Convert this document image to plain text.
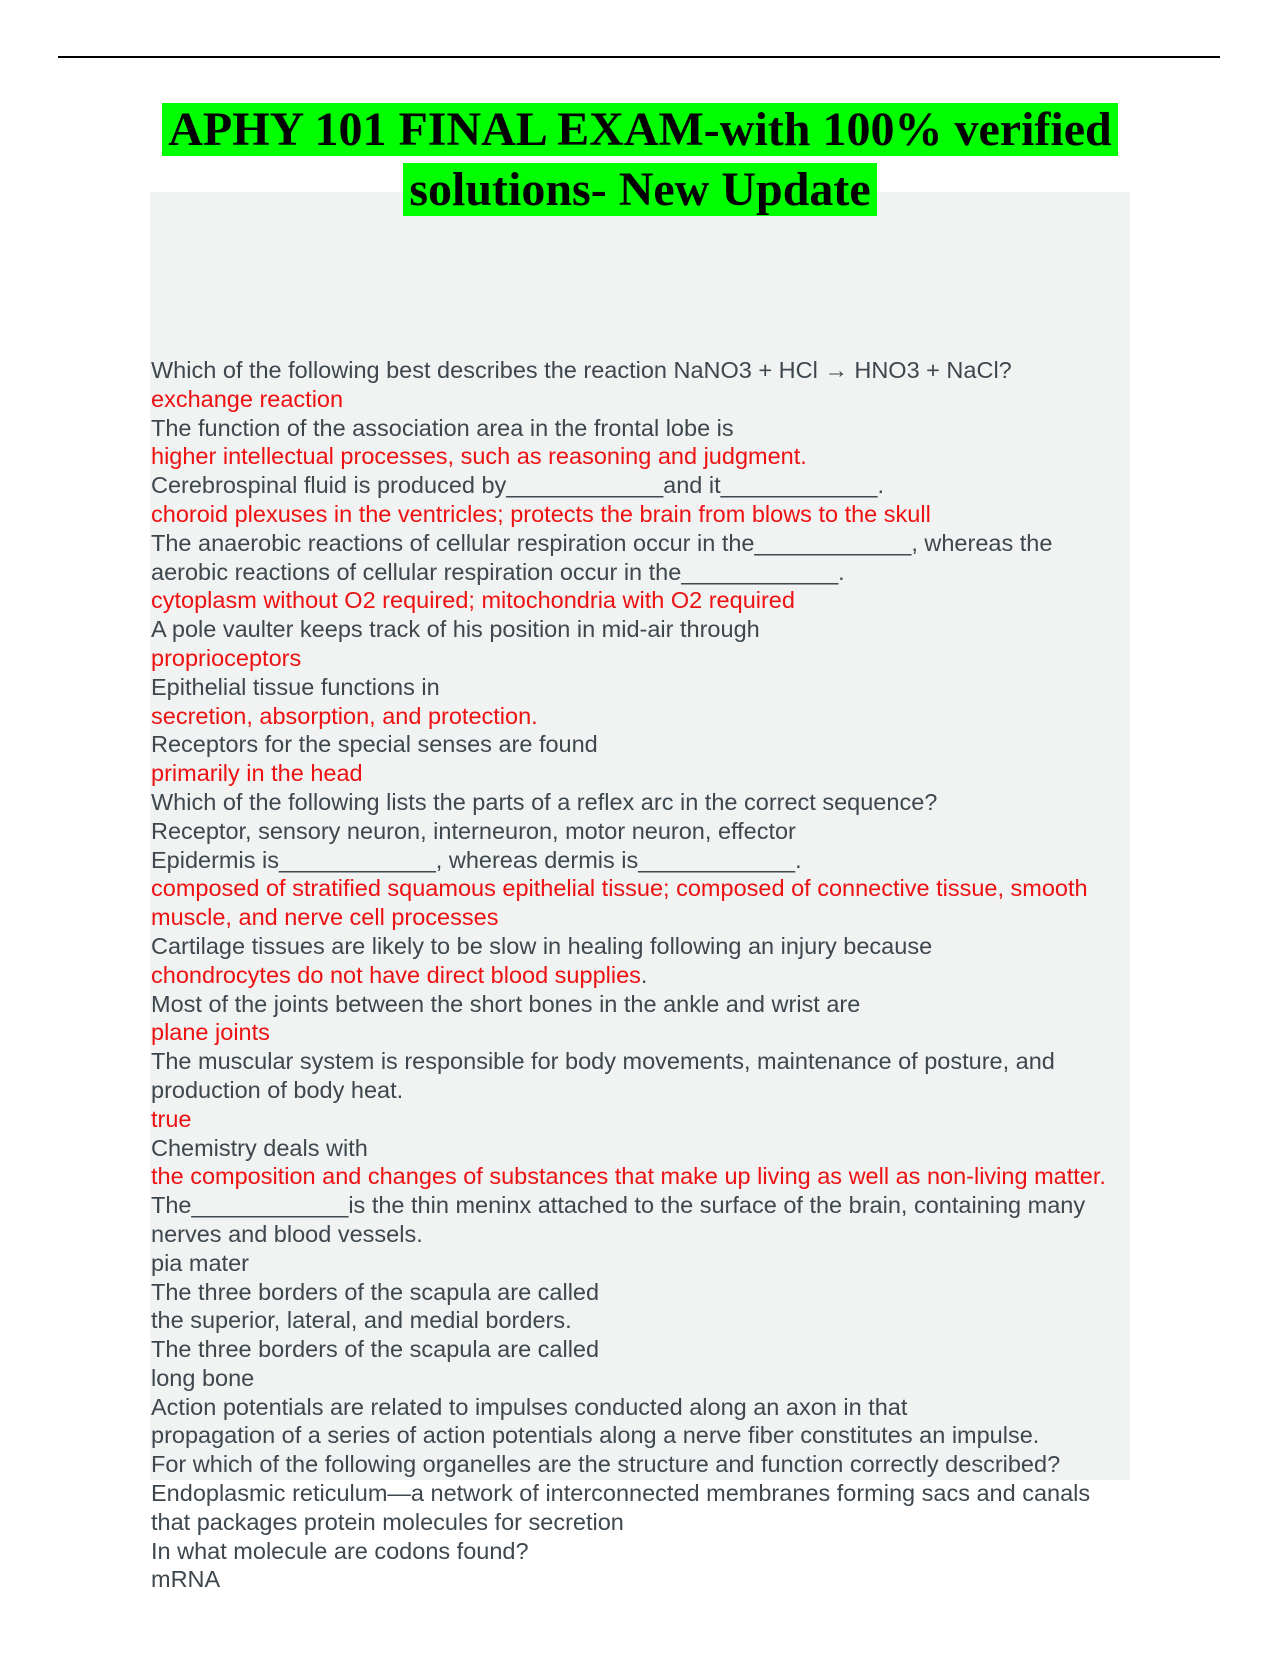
APHY 101 FINAL EXAM-with 100% verified
solutions- New Update

Which of the following best describes the reaction NaNO3 + HCl → HNO3 + NaCl?

exchange reaction

The function of the association area in the frontal lobe is

higher intellectual processes, such as reasoning and judgment.

Cerebrospinal fluid is produced by____________and it____________.

choroid plexuses in the ventricles; protects the brain from blows to the skull

The anaerobic reactions of cellular respiration occur in the____________, whereas the aerobic reactions of cellular respiration occur in the____________.

cytoplasm without O2 required; mitochondria with O2 required

A pole vaulter keeps track of his position in mid-air through

proprioceptors

Epithelial tissue functions in

secretion, absorption, and protection.

Receptors for the special senses are found

primarily in the head

Which of the following lists the parts of a reflex arc in the correct sequence?

Receptor, sensory neuron, interneuron, motor neuron, effector

Epidermis is____________, whereas dermis is____________.

composed of stratified squamous epithelial tissue; composed of connective tissue, smooth muscle, and nerve cell processes

Cartilage tissues are likely to be slow in healing following an injury because

chondrocytes do not have direct blood supplies.

Most of the joints between the short bones in the ankle and wrist are

plane joints

The muscular system is responsible for body movements, maintenance of posture, and production of body heat.

true

Chemistry deals with

the composition and changes of substances that make up living as well as non-living matter.

The____________is the thin meninx attached to the surface of the brain, containing many nerves and blood vessels.

pia mater

The three borders of the scapula are called

the superior, lateral, and medial borders.

The three borders of the scapula are called

long bone

Action potentials are related to impulses conducted along an axon in that

propagation of a series of action potentials along a nerve fiber constitutes an impulse.

For which of the following organelles are the structure and function correctly described?

Endoplasmic reticulum—a network of interconnected membranes forming sacs and canals that packages protein molecules for secretion

In what molecule are codons found?

mRNA
